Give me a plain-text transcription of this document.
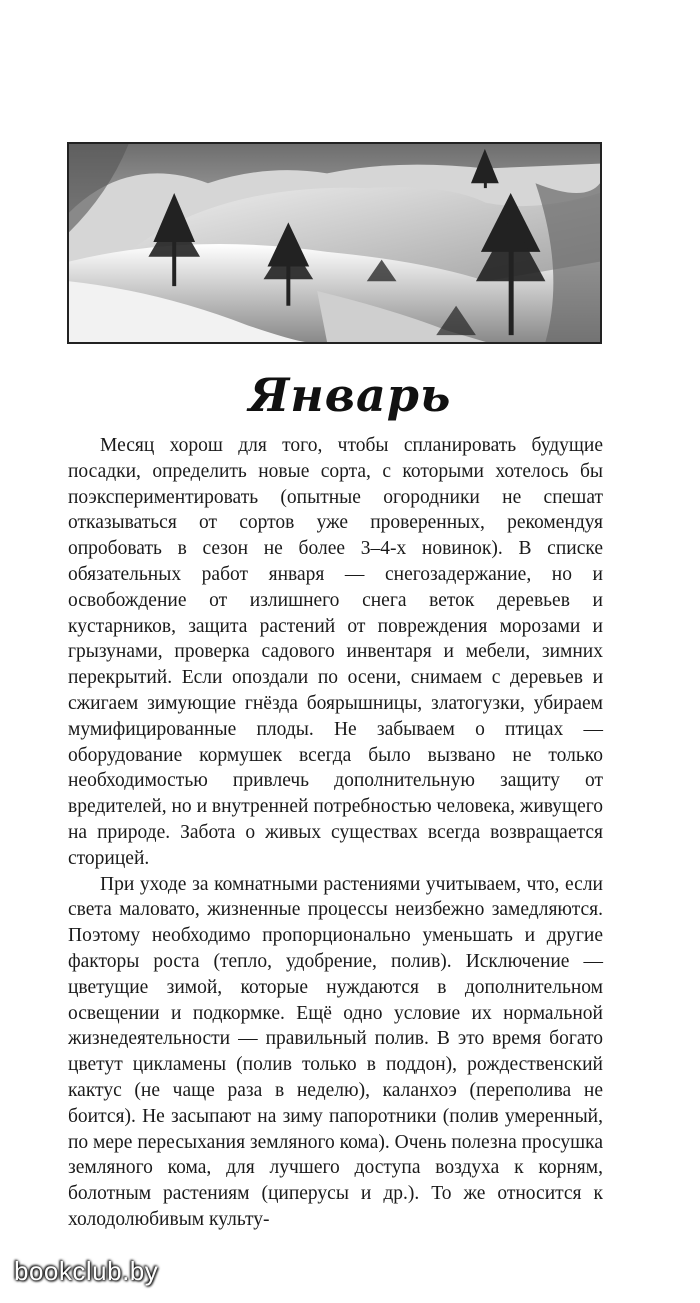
Январь

Месяц хорош для того, чтобы спланировать будущие посадки, определить новые сорта, с которыми хотелось бы поэкспериментировать (опытные огородники не спешат отказываться от сортов уже проверенных, рекомендуя опробовать в сезон не более 3–4-х новинок). В списке обязательных работ января — снегозадержание, но и освобождение от излишнего снега веток деревьев и кустарников, защита растений от повреждения морозами и грызунами, проверка садового инвентаря и мебели, зимних перекрытий. Если опоздали по осени, снимаем с деревьев и сжигаем зимующие гнёзда боярышницы, златогузки, убираем мумифицированные плоды. Не забываем о птицах — оборудование кормушек всегда было вызвано не только необходимостью привлечь дополнительную защиту от вредителей, но и внутренней потребностью человека, живущего на природе. Забота о живых существах всегда возвращается сторицей.

При уходе за комнатными растениями учитываем, что, если света маловато, жизненные процессы неизбежно замедляются. Поэтому необходимо пропорционально уменьшать и другие факторы роста (тепло, удобрение, полив). Исключение — цветущие зимой, которые нуждаются в дополнительном освещении и подкормке. Ещё одно условие их нормальной жизнедеятельности — правильный полив. В это время богато цветут цикламены (полив только в поддон), рождественский кактус (не чаще раза в неделю), каланхоэ (переполива не боится). Не засыпают на зиму папоротники (полив умеренный, по мере пересыхания земляного кома). Очень полезна просушка земляного кома, для лучшего доступа воздуха к корням, болотным растениям (циперусы и др.). То же относится к холодолюбивым культу-

bookclub.by
